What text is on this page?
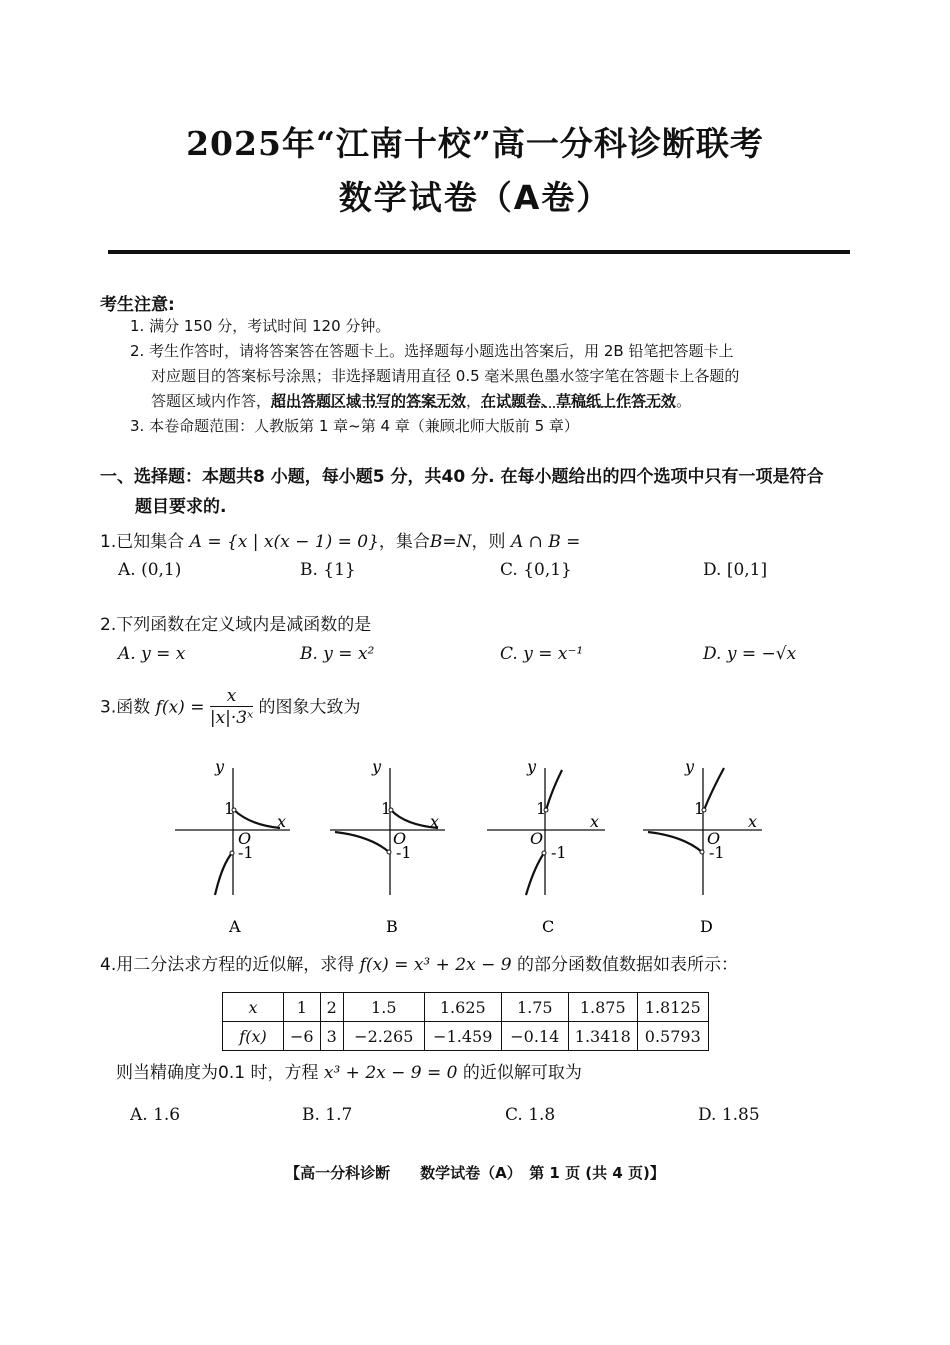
2025年“江南十校”高一分科诊断联考
数学试卷（A卷）
考生注意:
1. 满分 150 分，考试时间 120 分钟。
2. 考生作答时，请将答案答在答题卡上。选择题每小题选出答案后，用 2B 铅笔把答题卡上
对应题目的答案标号涂黑；非选择题请用直径 0.5 毫米黑色墨水签字笔在答题卡上各题的
答题区域内作答，超出答题区域书写的答案无效，在试题卷、草稿纸上作答无效。
3. 本卷命题范围：人教版第 1 章~第 4 章（兼顾北师大版前 5 章）
一、选择题：本题共8 小题，每小题5 分，共40 分. 在每小题给出的四个选项中只有一项是符合
题目要求的.
1.已知集合 A = {x | x(x − 1) = 0}，集合B=N，则 A ∩ B =
A. (0,1)	B. {1}	C. {0,1}	D. [0,1]
2.下列函数在定义域内是减函数的是
A. y = x	B. y = x²	C. y = x⁻¹	D. y = −√x
3.函数 $f(x) = \frac{x}{\text{|x|·3ˣ}}$ 的图象大致为
y
x
O
1
-1
A
y
x
O
1
-1
B
y
x
O
1
-1
C
y
x
O
1
-1
D
4.用二分法求方程的近似解，求得 f(x) = x³ + 2x − 9 的部分函数值数据如表所示：
x	1	2	1.5	1.625	1.75	1.875	1.8125
f(x)	−6	3	−2.265	−1.459	−0.14	1.3418	0.5793
则当精确度为0.1 时，方程 x³ + 2x − 9 = 0 的近似解可取为
A. 1.6	B. 1.7	C. 1.8	D. 1.85
【高一分科诊断　　数学试卷（A）　第 1 页 (共 4 页)】
